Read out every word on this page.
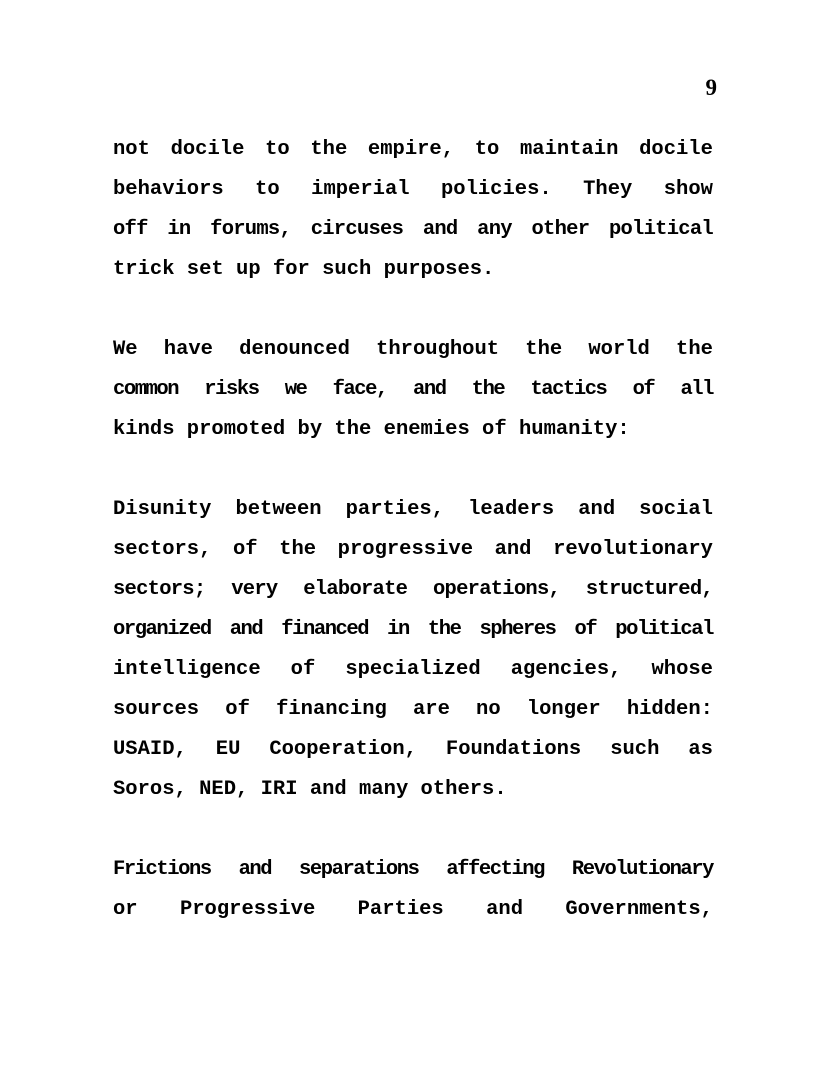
9

not docile to the empire, to maintain docile
behaviors to imperial policies. They show
off in forums, circuses and any other political
trick set up for such purposes.

We have denounced throughout the world the
common risks we face, and the tactics of all
kinds promoted by the enemies of humanity:

Disunity between parties, leaders and social
sectors, of the progressive and revolutionary
sectors; very elaborate operations, structured,
organized and financed in the spheres of political
intelligence of specialized agencies, whose
sources of financing are no longer hidden:
USAID, EU Cooperation, Foundations such as
Soros, NED, IRI and many others.

Frictions and separations affecting Revolutionary
or Progressive Parties and Governments,
